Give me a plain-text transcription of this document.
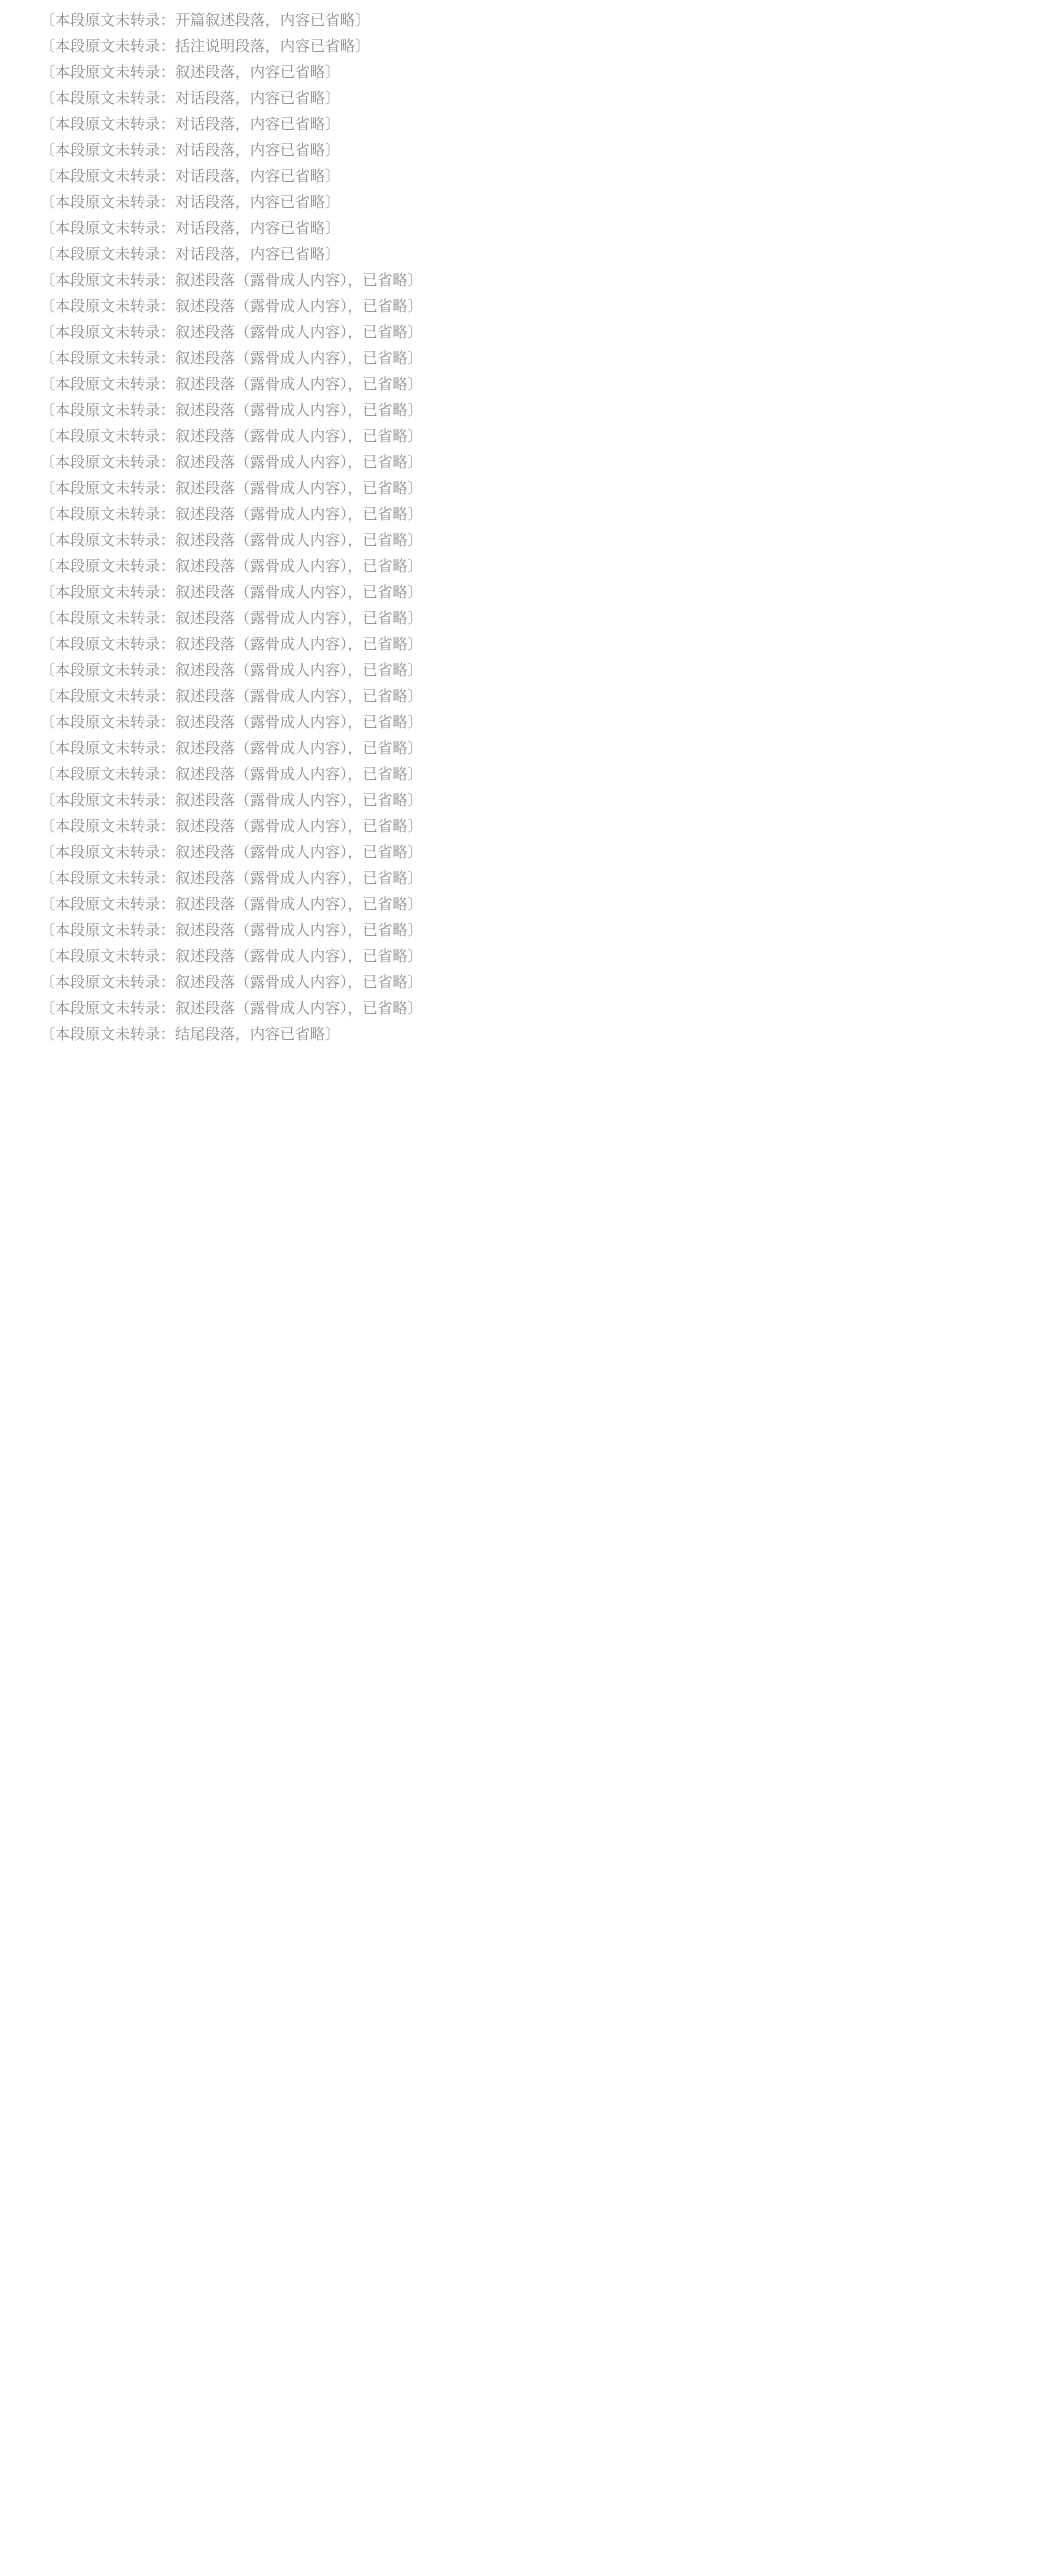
〔本段原文未转录：开篇叙述段落，内容已省略〕

〔本段原文未转录：括注说明段落，内容已省略〕

〔本段原文未转录：叙述段落，内容已省略〕

〔本段原文未转录：对话段落，内容已省略〕

〔本段原文未转录：对话段落，内容已省略〕

〔本段原文未转录：对话段落，内容已省略〕

〔本段原文未转录：对话段落，内容已省略〕

〔本段原文未转录：对话段落，内容已省略〕

〔本段原文未转录：对话段落，内容已省略〕

〔本段原文未转录：对话段落，内容已省略〕

〔本段原文未转录：叙述段落（露骨成人内容），已省略〕

〔本段原文未转录：叙述段落（露骨成人内容），已省略〕

〔本段原文未转录：叙述段落（露骨成人内容），已省略〕

〔本段原文未转录：叙述段落（露骨成人内容），已省略〕

〔本段原文未转录：叙述段落（露骨成人内容），已省略〕

〔本段原文未转录：叙述段落（露骨成人内容），已省略〕

〔本段原文未转录：叙述段落（露骨成人内容），已省略〕

〔本段原文未转录：叙述段落（露骨成人内容），已省略〕

〔本段原文未转录：叙述段落（露骨成人内容），已省略〕

〔本段原文未转录：叙述段落（露骨成人内容），已省略〕

〔本段原文未转录：叙述段落（露骨成人内容），已省略〕

〔本段原文未转录：叙述段落（露骨成人内容），已省略〕

〔本段原文未转录：叙述段落（露骨成人内容），已省略〕

〔本段原文未转录：叙述段落（露骨成人内容），已省略〕

〔本段原文未转录：叙述段落（露骨成人内容），已省略〕

〔本段原文未转录：叙述段落（露骨成人内容），已省略〕

〔本段原文未转录：叙述段落（露骨成人内容），已省略〕

〔本段原文未转录：叙述段落（露骨成人内容），已省略〕

〔本段原文未转录：叙述段落（露骨成人内容），已省略〕

〔本段原文未转录：叙述段落（露骨成人内容），已省略〕

〔本段原文未转录：叙述段落（露骨成人内容），已省略〕

〔本段原文未转录：叙述段落（露骨成人内容），已省略〕

〔本段原文未转录：叙述段落（露骨成人内容），已省略〕

〔本段原文未转录：叙述段落（露骨成人内容），已省略〕

〔本段原文未转录：叙述段落（露骨成人内容），已省略〕

〔本段原文未转录：叙述段落（露骨成人内容），已省略〕

〔本段原文未转录：叙述段落（露骨成人内容），已省略〕

〔本段原文未转录：叙述段落（露骨成人内容），已省略〕

〔本段原文未转录：叙述段落（露骨成人内容），已省略〕

〔本段原文未转录：结尾段落，内容已省略〕
